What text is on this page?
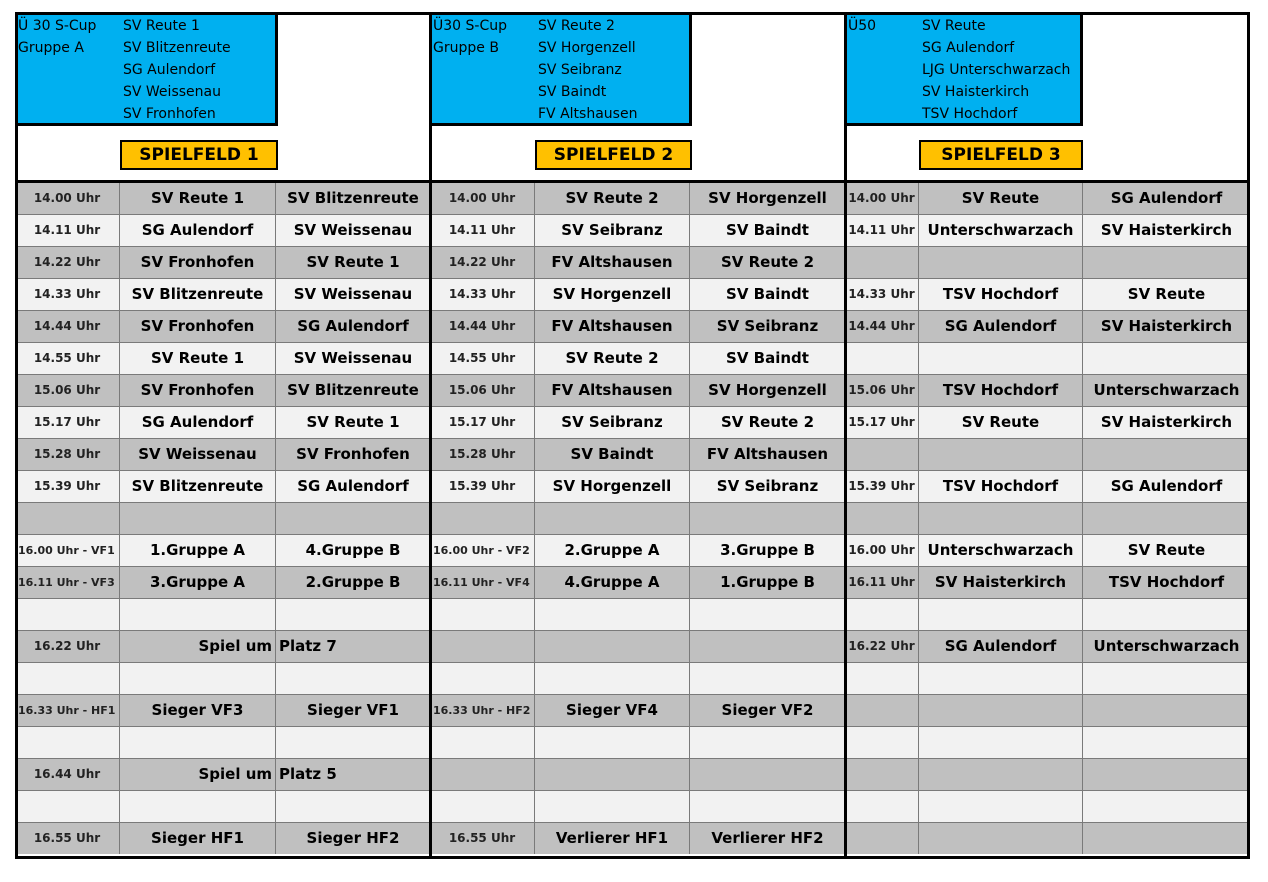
Ü 30 S-Cup
Gruppe A
SV Reute 1
SV Blitzenreute
SG Aulendorf
SV Weissenau
SV Fronhofen
SPIELFELD 1
14.00 Uhr	SV Reute 1	SV Blitzenreute
14.11 Uhr	SG Aulendorf	SV Weissenau
14.22 Uhr	SV Fronhofen	SV Reute 1
14.33 Uhr	SV Blitzenreute	SV Weissenau
14.44 Uhr	SV Fronhofen	SG Aulendorf
14.55 Uhr	SV Reute 1	SV Weissenau
15.06 Uhr	SV Fronhofen	SV Blitzenreute
15.17 Uhr	SG Aulendorf	SV Reute 1
15.28 Uhr	SV Weissenau	SV Fronhofen
15.39 Uhr	SV Blitzenreute	SG Aulendorf
16.00 Uhr - VF1	1.Gruppe A	4.Gruppe B
16.11 Uhr - VF3	3.Gruppe A	2.Gruppe B
16.22 Uhr	Spiel um Platz 7
16.33 Uhr - HF1	Sieger VF3	Sieger VF1
16.44 Uhr	Spiel um Platz 5
16.55 Uhr	Sieger HF1	Sieger HF2
Ü30 S-Cup
Gruppe B
SV Reute 2
SV Horgenzell
SV Seibranz
SV Baindt
FV Altshausen
SPIELFELD 2
14.00 Uhr	SV Reute 2	SV Horgenzell
14.11 Uhr	SV Seibranz	SV Baindt
14.22 Uhr	FV Altshausen	SV Reute 2
14.33 Uhr	SV Horgenzell	SV Baindt
14.44 Uhr	FV Altshausen	SV Seibranz
14.55 Uhr	SV Reute 2	SV Baindt
15.06 Uhr	FV Altshausen	SV Horgenzell
15.17 Uhr	SV Seibranz	SV Reute 2
15.28 Uhr	SV Baindt	FV Altshausen
15.39 Uhr	SV Horgenzell	SV Seibranz
16.00 Uhr - VF2	2.Gruppe A	3.Gruppe B
16.11 Uhr - VF4	4.Gruppe A	1.Gruppe B
16.33 Uhr - HF2	Sieger VF4	Sieger VF2
16.55 Uhr	Verlierer HF1	Verlierer HF2
Ü50	SV Reute
SG Aulendorf
LJG Unterschwarzach
SV Haisterkirch
TSV Hochdorf
SPIELFELD 3
14.00 Uhr	SV Reute	SG Aulendorf
14.11 Uhr Unterschwarzach	SV Haisterkirch
14.33 Uhr	TSV Hochdorf	SV Reute
14.44 Uhr	SG Aulendorf	SV Haisterkirch
15.06 Uhr	TSV Hochdorf	Unterschwarzach
15.17 Uhr	SV Reute	SV Haisterkirch
15.39 Uhr	TSV Hochdorf	SG Aulendorf
16.00 Uhr Unterschwarzach	SV Reute
16.11 Uhr	SV Haisterkirch	TSV Hochdorf
16.22 Uhr	SG Aulendorf	Unterschwarzach
